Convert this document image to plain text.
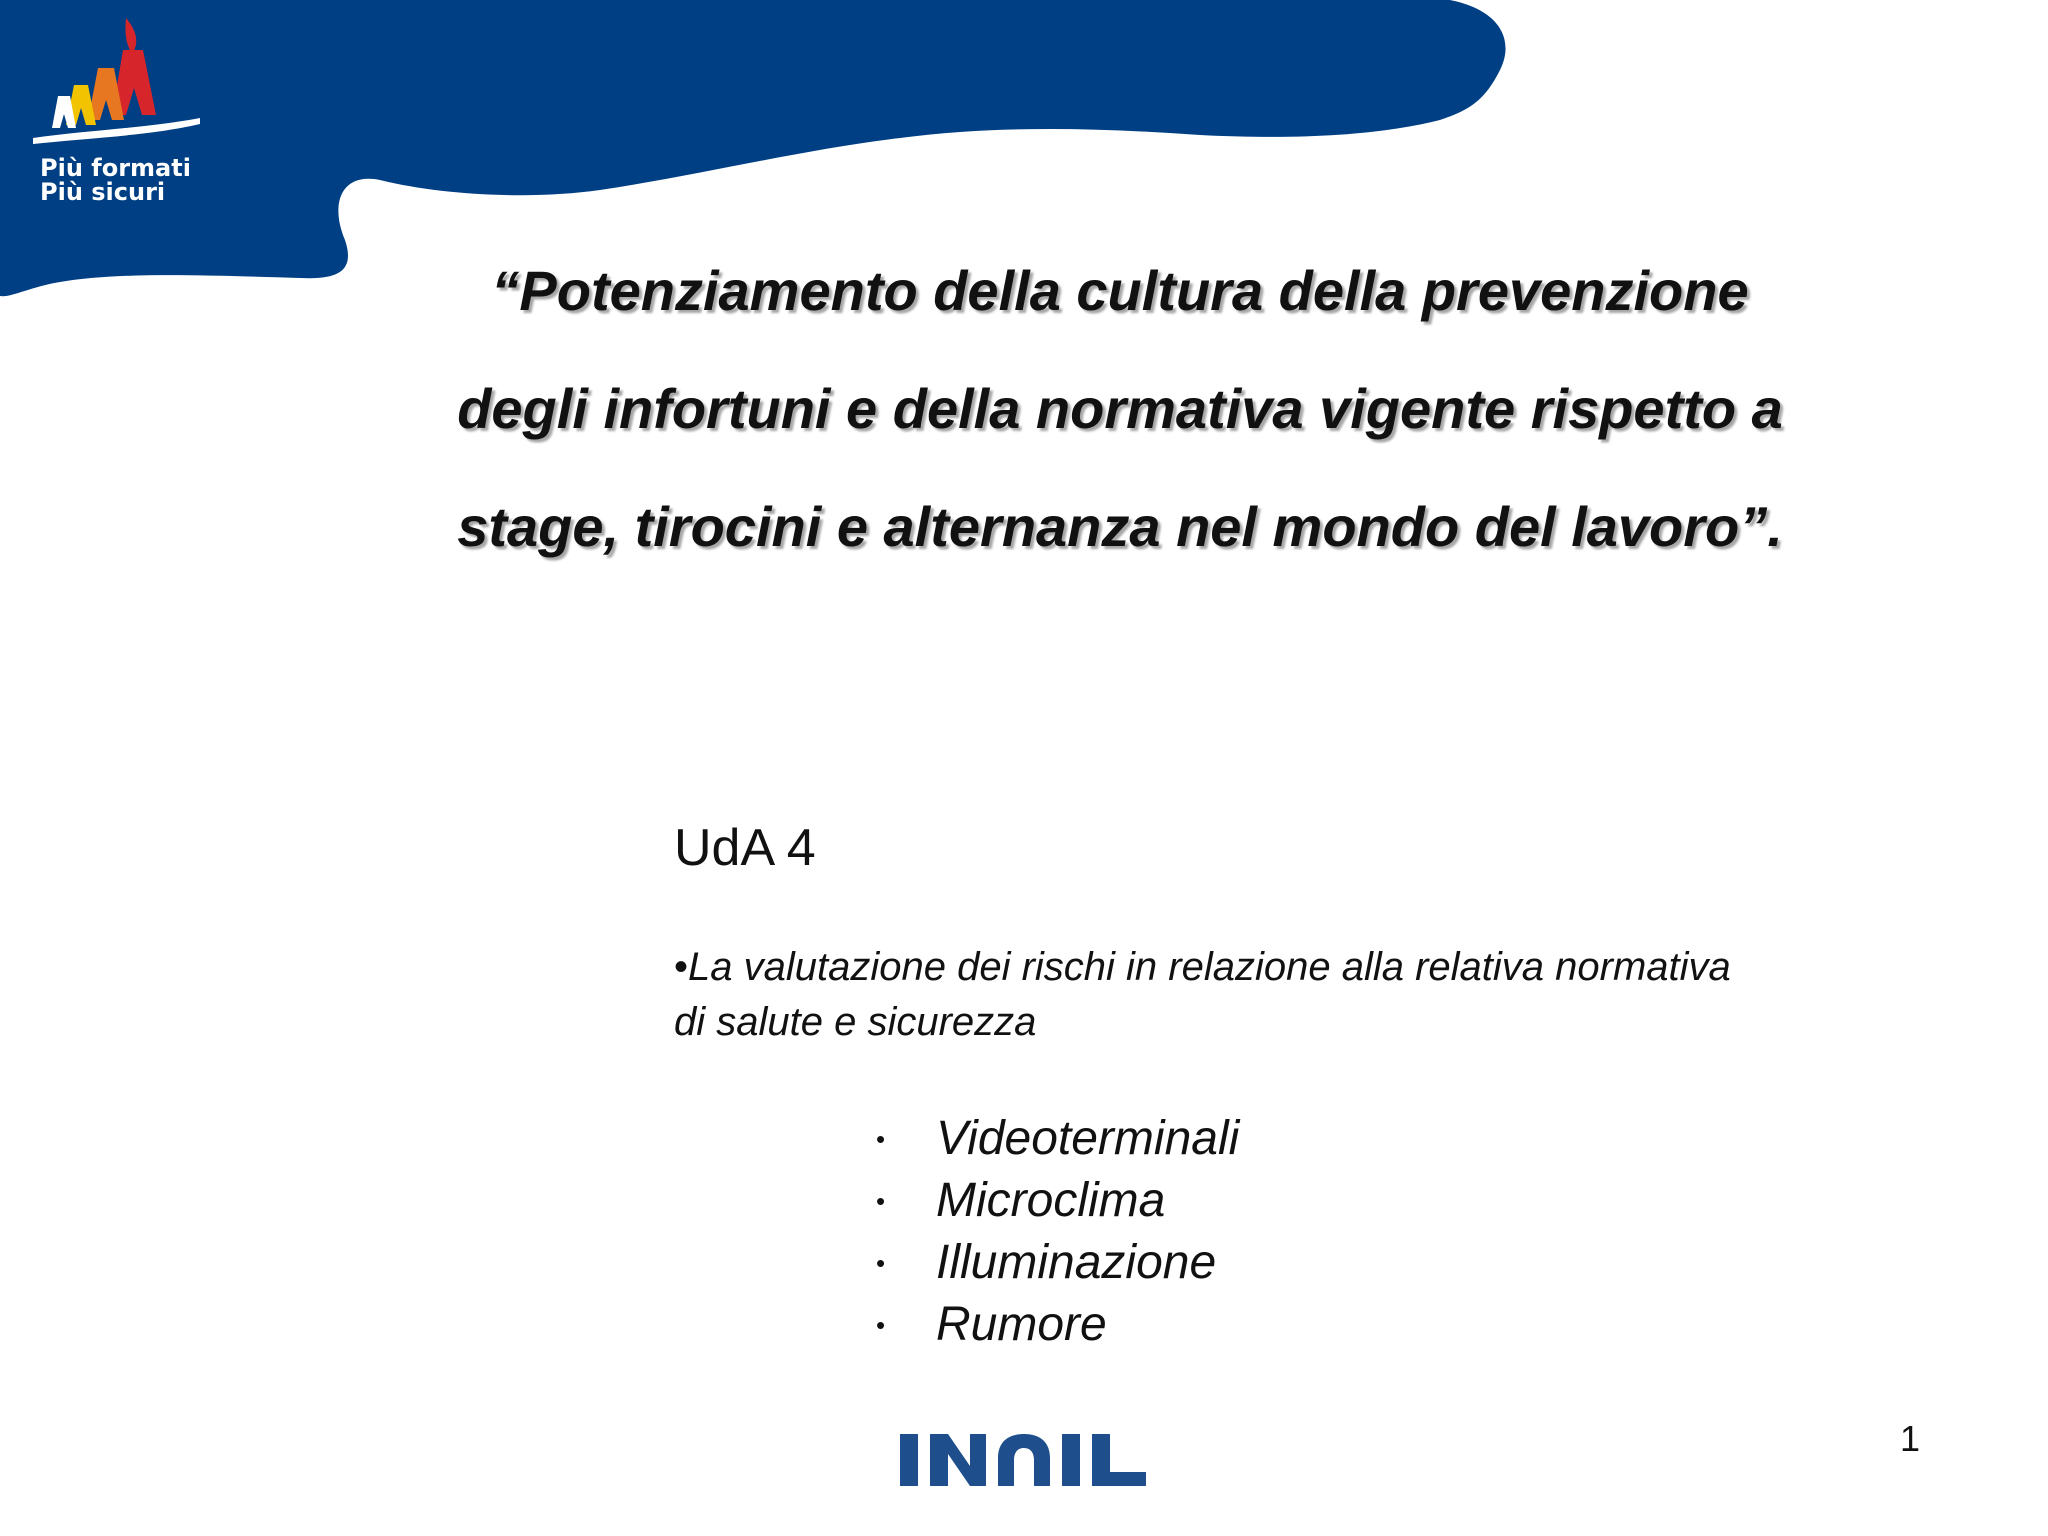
Più formati
Più sicuri
“Potenziamento della cultura della prevenzione
degli infortuni e della normativa vigente rispetto a
stage, tirocini e alternanza nel mondo del lavoro”.
UdA 4
•La valutazione dei rischi in relazione alla relativa normativa
di salute e sicurezza
• Videoterminali
• Microclima
• Illuminazione
• Rumore
1
